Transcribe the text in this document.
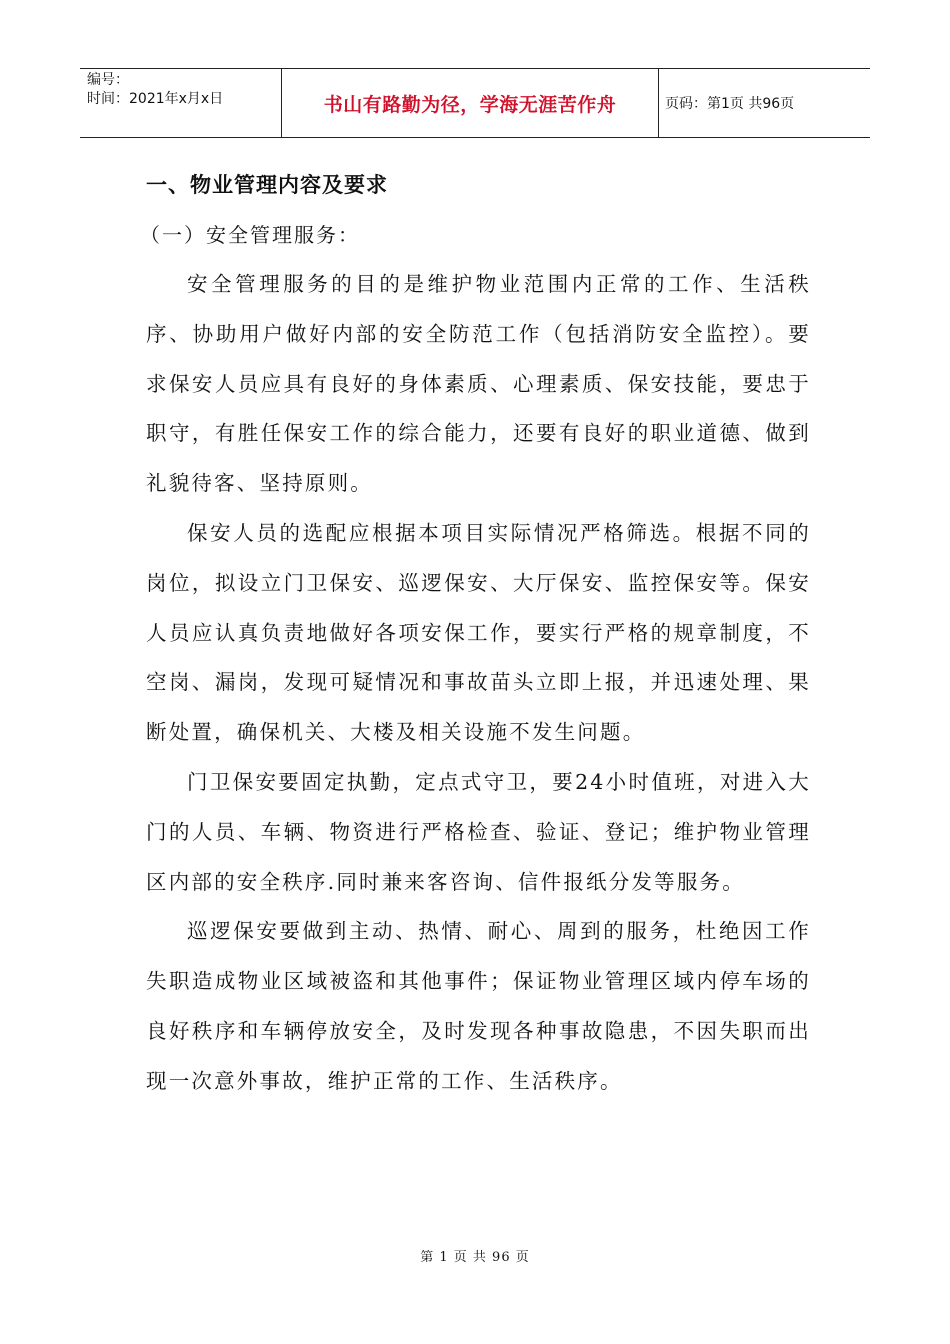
编号：
时间：2021年x月x日	书山有路勤为径，学海无涯苦作舟	页码：第1页 共96页
一、物业管理内容及要求

（一）安全管理服务：

安全管理服务的目的是维护物业范围内正常的工作、生活秩序、协助用户做好内部的安全防范工作（包括消防安全监控）。要求保安人员应具有良好的身体素质、心理素质、保安技能，要忠于职守，有胜任保安工作的综合能力，还要有良好的职业道德、做到礼貌待客、坚持原则。

保安人员的选配应根据本项目实际情况严格筛选。根据不同的岗位，拟设立门卫保安、巡逻保安、大厅保安、监控保安等。保安人员应认真负责地做好各项安保工作，要实行严格的规章制度，不空岗、漏岗，发现可疑情况和事故苗头立即上报，并迅速处理、果断处置，确保机关、大楼及相关设施不发生问题。

门卫保安要固定执勤，定点式守卫，要24小时值班，对进入大门的人员、车辆、物资进行严格检查、验证、登记；维护物业管理区内部的安全秩序.同时兼来客咨询、信件报纸分发等服务。

巡逻保安要做到主动、热情、耐心、周到的服务，杜绝因工作失职造成物业区域被盗和其他事件；保证物业管理区域内停车场的良好秩序和车辆停放安全，及时发现各种事故隐患，不因失职而出现一次意外事故，维护正常的工作、生活秩序。

第 1 页 共 96 页
